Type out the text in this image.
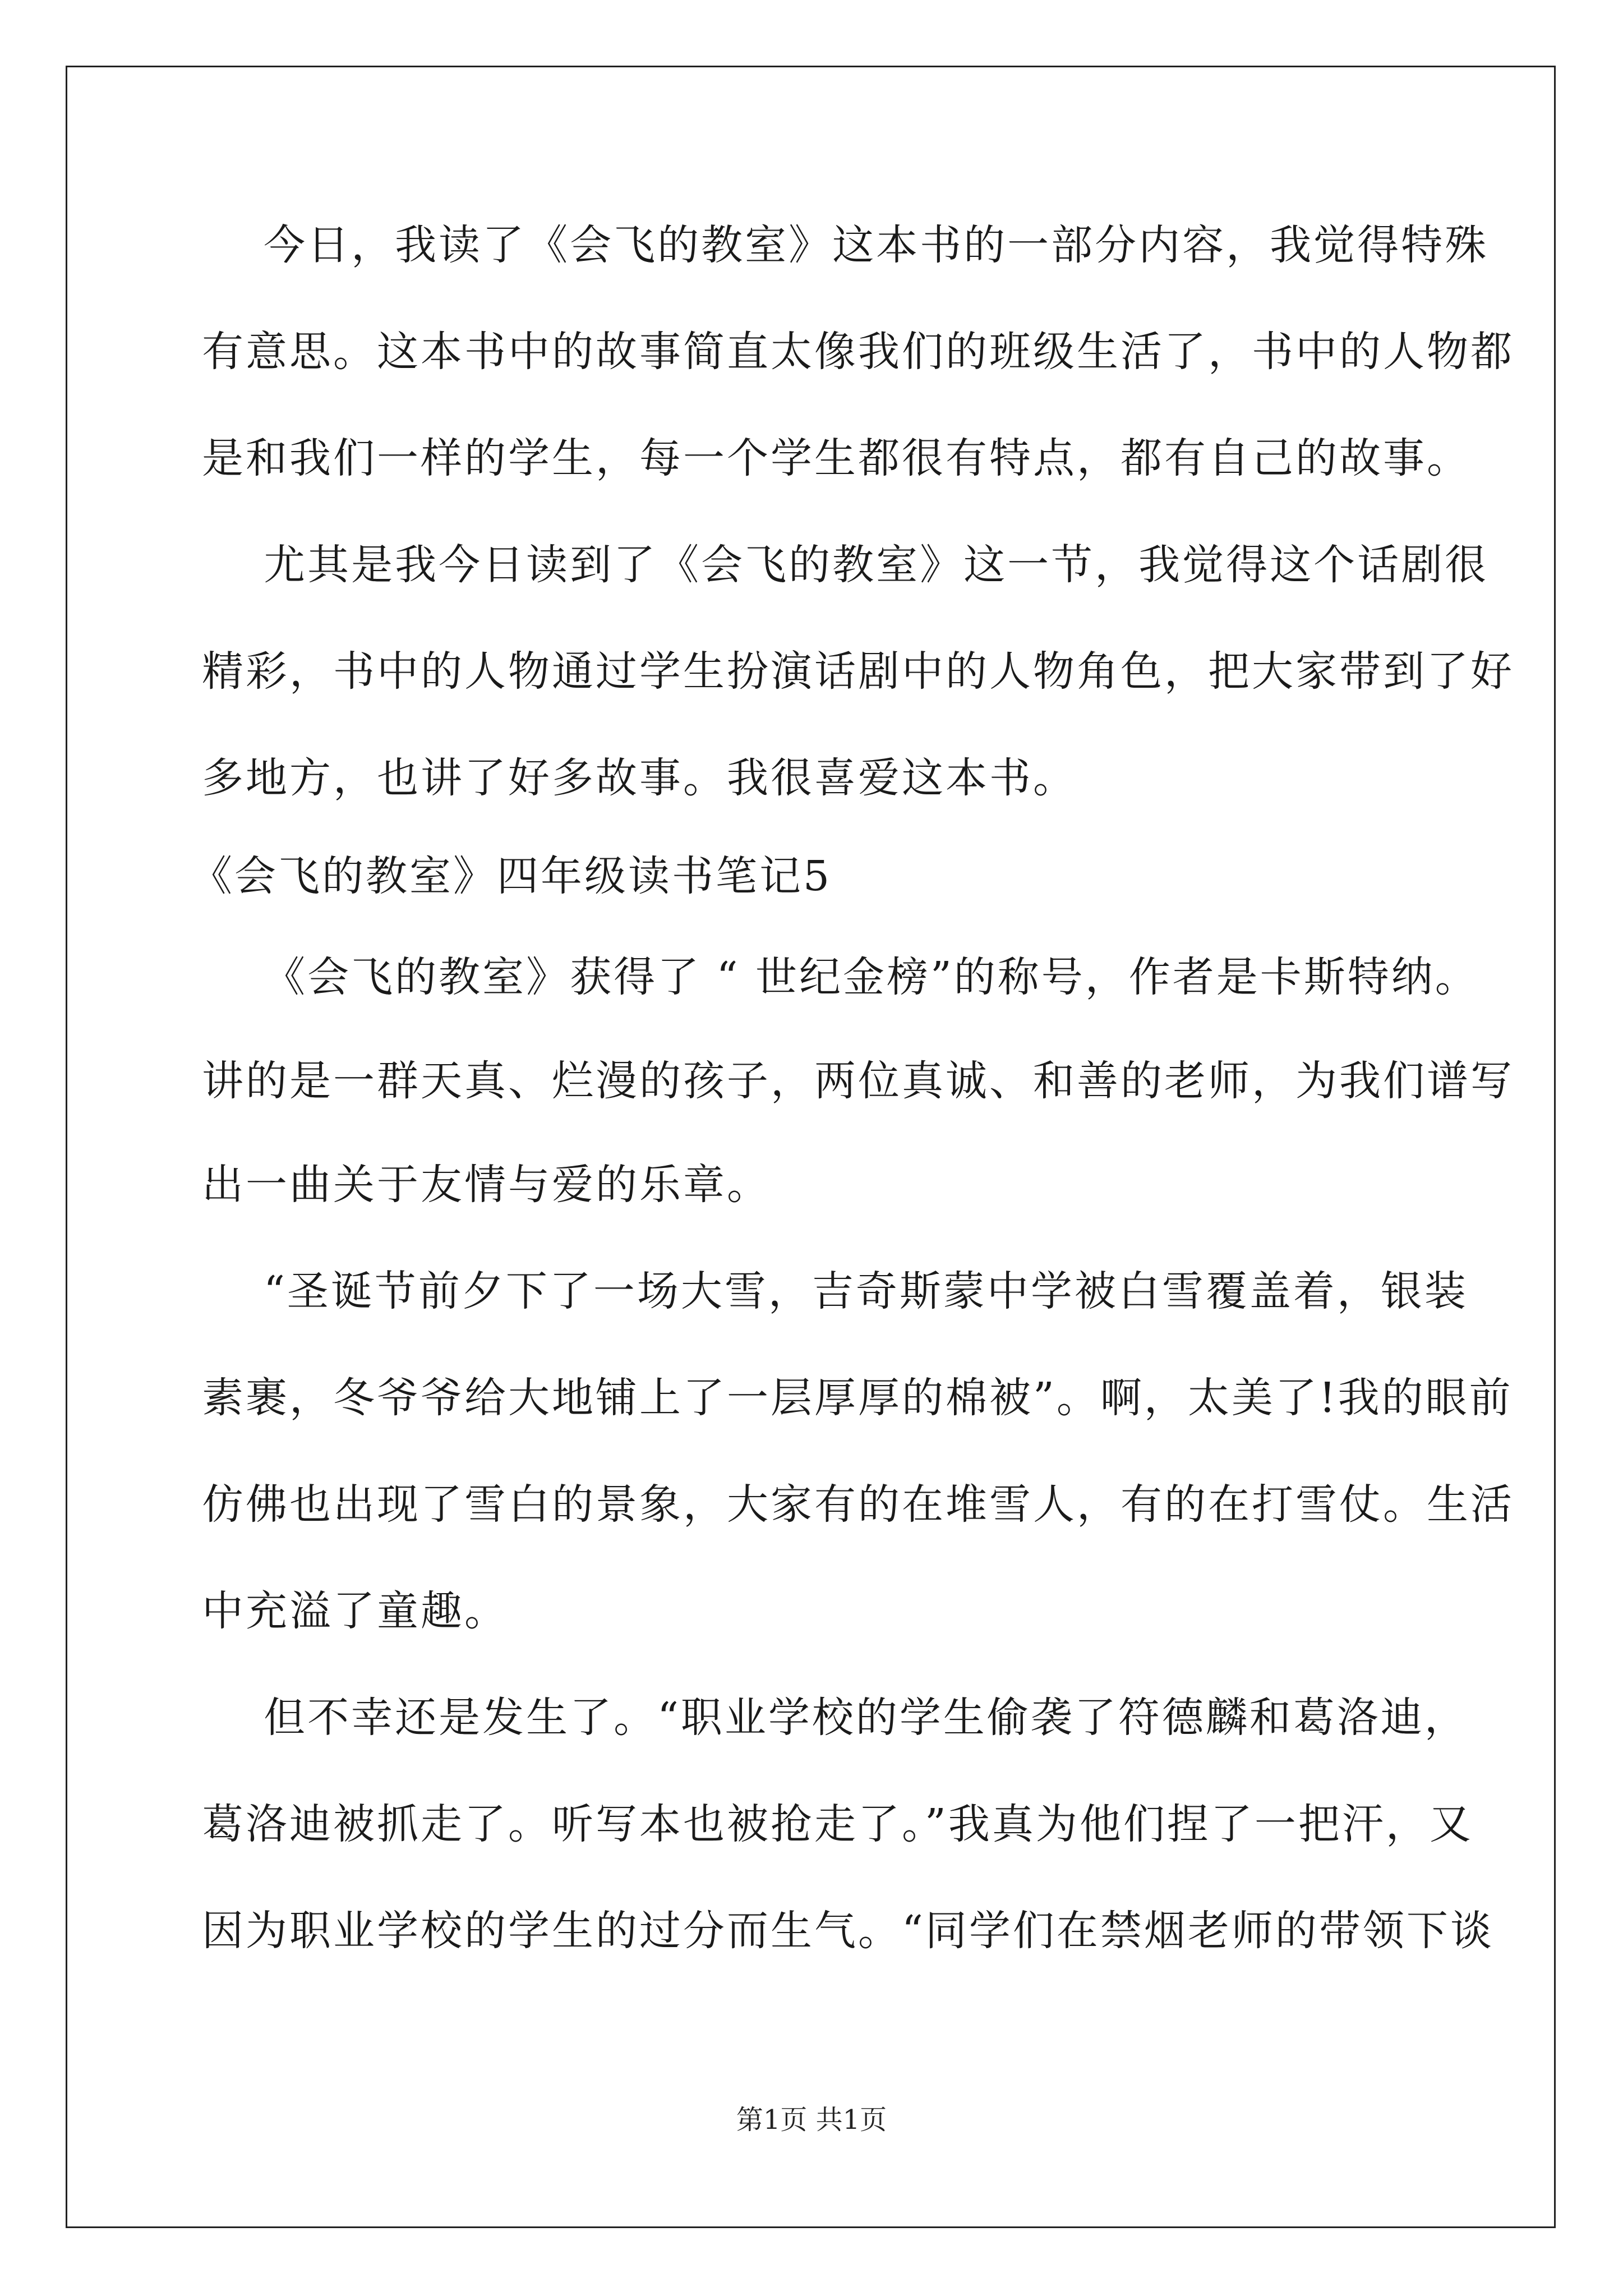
今日，我读了《会飞的教室》这本书的一部分内容，我觉得特殊
有意思。这本书中的故事简直太像我们的班级生活了，书中的人物都
是和我们一样的学生，每一个学生都很有特点，都有自己的故事。
尤其是我今日读到了《会飞的教室》这一节，我觉得这个话剧很
精彩，书中的人物通过学生扮演话剧中的人物角色，把大家带到了好
多地方，也讲了好多故事。我很喜爱这本书。
《会飞的教室》四年级读书笔记5
《会飞的教室》获得了 “ 世纪金榜”的称号，作者是卡斯特纳。
讲的是一群天真、烂漫的孩子，两位真诚、和善的老师，为我们谱写
出一曲关于友情与爱的乐章。
“圣诞节前夕下了一场大雪，吉奇斯蒙中学被白雪覆盖着，银装
素裹，冬爷爷给大地铺上了一层厚厚的棉被”。啊，太美了!我的眼前
仿佛也出现了雪白的景象，大家有的在堆雪人，有的在打雪仗。生活
中充溢了童趣。
但不幸还是发生了。“职业学校的学生偷袭了符德麟和葛洛迪，
葛洛迪被抓走了。听写本也被抢走了。”我真为他们捏了一把汗，又
因为职业学校的学生的过分而生气。“同学们在禁烟老师的带领下谈
第1页 共1页
